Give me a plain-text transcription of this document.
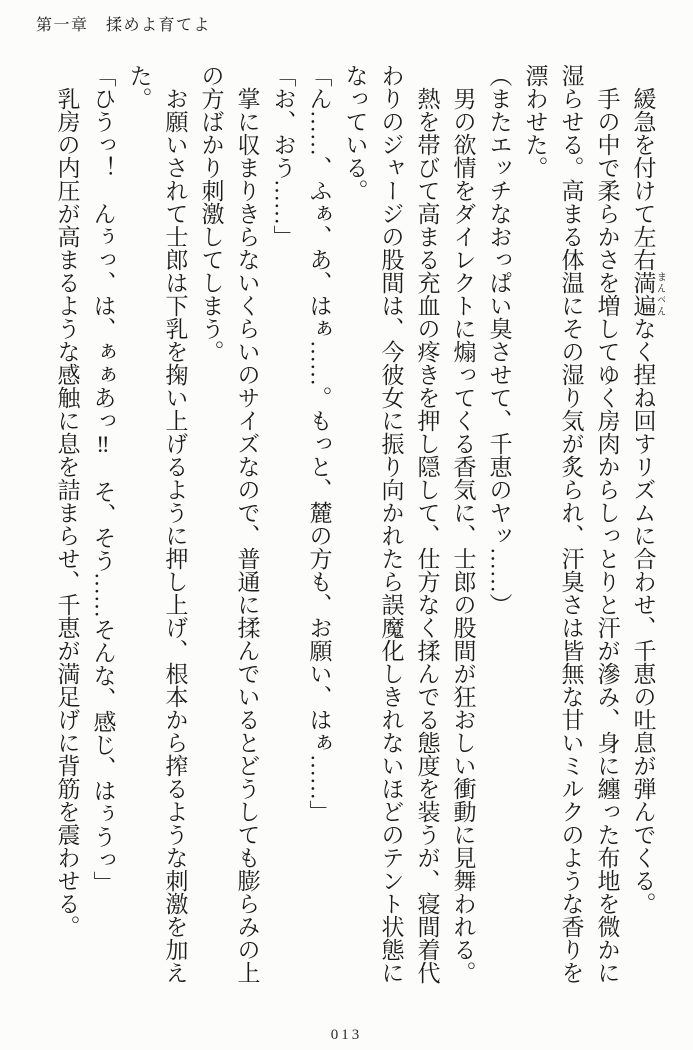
第一章　揉めよ育てよ

緩急を付けて左右満遍 まんべんなく捏ね回すリズムに合わせ、千恵の吐息が弾んでくる。

手の中で柔らかさを増してゆく房肉からしっとりと汗が滲み、身に纏った布地を微かに湿らせる。高まる体温にその湿り気が炙られ、汗臭さは皆無な甘いミルクのような香りを漂わせた。

（またエッチなおっぱい臭させて、千恵のヤッ……）

男の欲情をダイレクトに煽ってくる香気に、士郎の股間が狂おしい衝動に見舞われる。

熱を帯びて高まる充血の疼きを押し隠して、仕方なく揉んでる態度を装うが、寝間着代わりのジャージの股間は、今彼女に振り向かれたら誤魔化しきれないほどのテント状態になっている。

「ん……、ふぁ、あ、はぁ……。もっと、麓の方も、お願い、はぁ……」

「お、おう……」

掌に収まりきらないくらいのサイズなので、普通に揉んでいるとどうしても膨らみの上の方ばかり刺激してしまう。

お願いされて士郎は下乳を掬い上げるように押し上げ、根本から搾るような刺激を加えた。

「ひうっ！　んぅっ、は、ぁぁあっ‼　そ、そう……そんな、感じ、はぅうっ」

乳房の内圧が高まるような感触に息を詰まらせ、千恵が満足げに背筋を震わせる。

013
